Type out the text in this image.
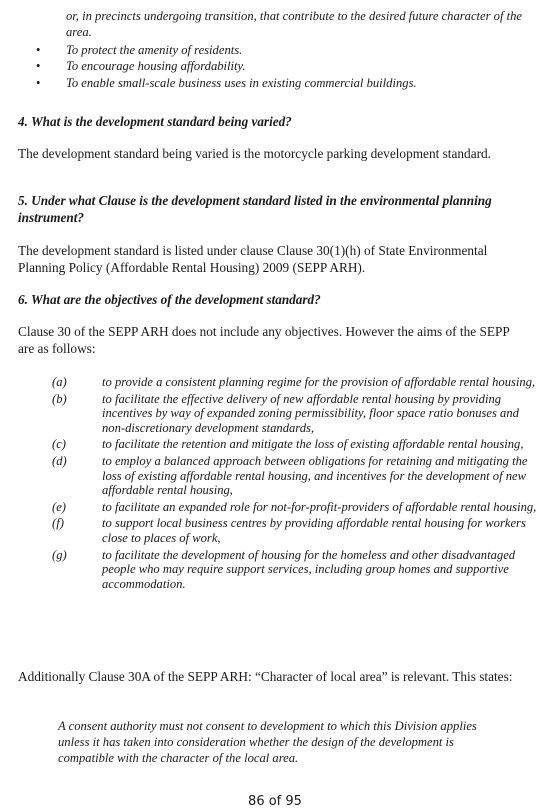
or, in precincts undergoing transition, that contribute to the desired future character of the area.
• To protect the amenity of residents.
• To encourage housing affordability.
• To enable small-scale business uses in existing commercial buildings.
4. What is the development standard being varied?
The development standard being varied is the motorcycle parking development standard.
5. Under what Clause is the development standard listed in the environmental planning instrument?
The development standard is listed under clause Clause 30(1)(h) of State Environmental Planning Policy (Affordable Rental Housing) 2009 (SEPP ARH).
6. What are the objectives of the development standard?
Clause 30 of the SEPP ARH does not include any objectives. However the aims of the SEPP are as follows:
(a)	to provide a consistent planning regime for the provision of affordable rental housing,
(b)	to facilitate the effective delivery of new affordable rental housing by providing incentives by way of expanded zoning permissibility, floor space ratio bonuses and non-discretionary development standards,
(c)	to facilitate the retention and mitigate the loss of existing affordable rental housing,
(d)	to employ a balanced approach between obligations for retaining and mitigating the loss of existing affordable rental housing, and incentives for the development of new affordable rental housing,
(e)	to facilitate an expanded role for not-for-profit-providers of affordable rental housing,
(f)	to support local business centres by providing affordable rental housing for workers close to places of work,
(g)	to facilitate the development of housing for the homeless and other disadvantaged people who may require support services, including group homes and supportive accommodation.
Additionally Clause 30A of the SEPP ARH: “Character of local area” is relevant. This states:
A consent authority must not consent to development to which this Division applies unless it has taken into consideration whether the design of the development is compatible with the character of the local area.
86 of 95
